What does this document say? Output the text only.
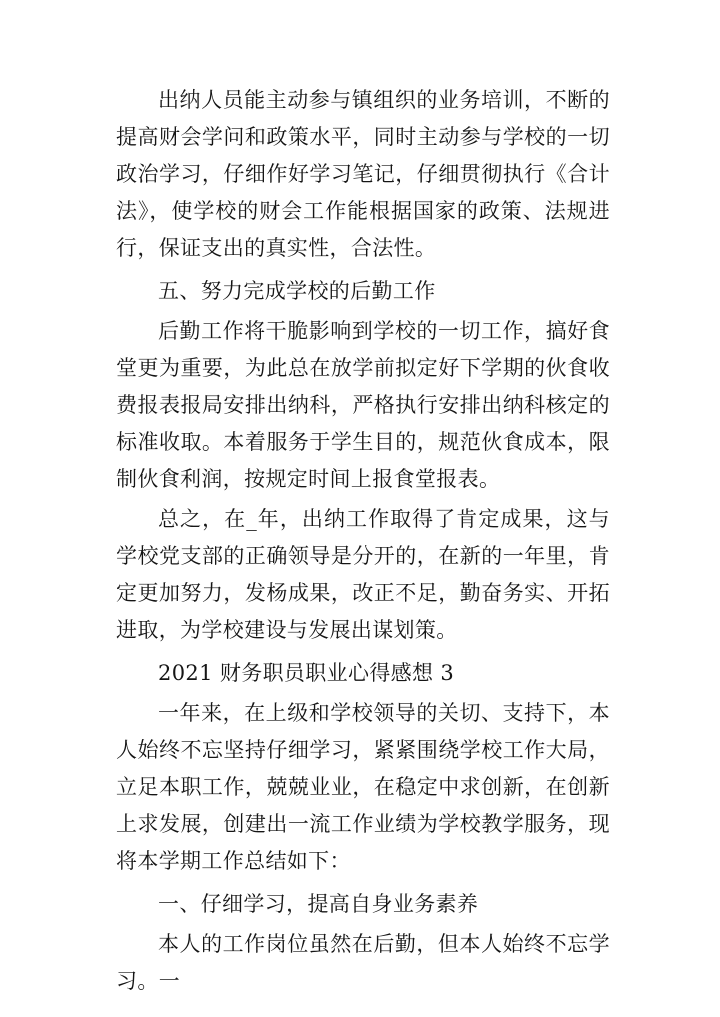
出纳人员能主动参与镇组织的业务培训，不断的提高财会学问和政策水平，同时主动参与学校的一切政治学习，仔细作好学习笔记，仔细贯彻执行《合计法》，使学校的财会工作能根据国家的政策、法规进行，保证支出的真实性，合法性。

五、努力完成学校的后勤工作

后勤工作将干脆影响到学校的一切工作，搞好食堂更为重要，为此总在放学前拟定好下学期的伙食收费报表报局安排出纳科，严格执行安排出纳科核定的标准收取。本着服务于学生目的，规范伙食成本，限制伙食利润，按规定时间上报食堂报表。

总之，在_年，出纳工作取得了肯定成果，这与学校党支部的正确领导是分开的，在新的一年里，肯定更加努力，发杨成果，改正不足，勤奋务实、开拓进取，为学校建设与发展出谋划策。

2021 财务职员职业心得感想 3

一年来，在上级和学校领导的关切、支持下，本人始终不忘坚持仔细学习，紧紧围绕学校工作大局，立足本职工作，兢兢业业，在稳定中求创新，在创新上求发展，创建出一流工作业绩为学校教学服务，现将本学期工作总结如下：

一、仔细学习，提高自身业务素养

本人的工作岗位虽然在后勤，但本人始终不忘学习。一
